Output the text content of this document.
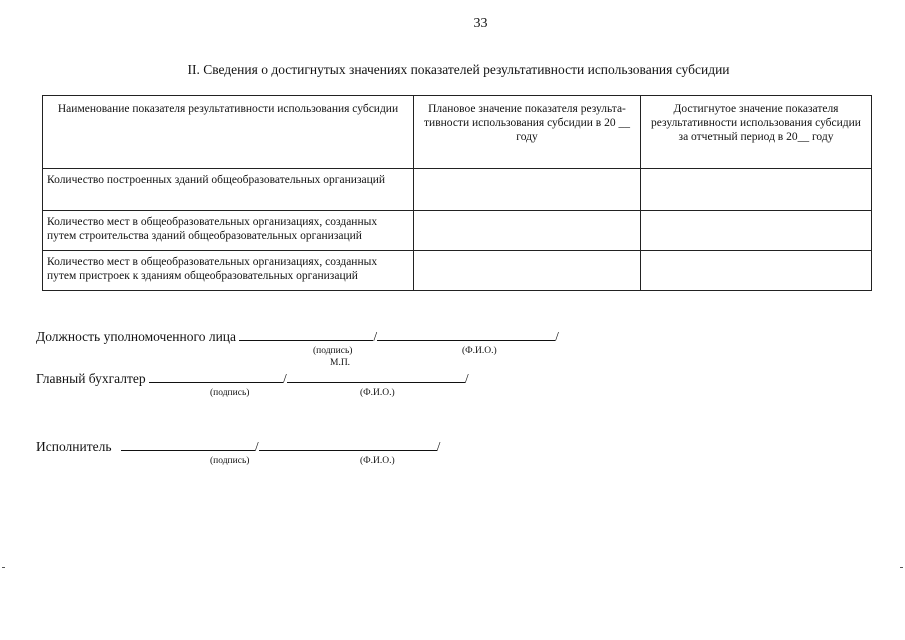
33
II. Сведения о достигнутых значениях показателей результативности использования субсидии
Наименование показателя результативности использования субсидии	Плановое значение показателя результа-тивности использования субсидии в 20 __ году	Достигнутое значение показателя результативности использования субсидии за отчетный период в 20__ году
Количество построенных зданий общеобразовательных организаций		
Количество мест в общеобразовательных организациях, созданных путем строительства зданий общеобразовательных организаций		
Количество мест в общеобразовательных организациях, созданных путем пристроек к зданиям общеобразовательных организаций		
Должность уполномоченного лица	/	/
(подпись)	(Ф.И.О.)
М.П.
Главный бухгалтер	/	/
(подпись)	(Ф.И.О.)
Исполнитель	/	/
(подпись)	(Ф.И.О.)
